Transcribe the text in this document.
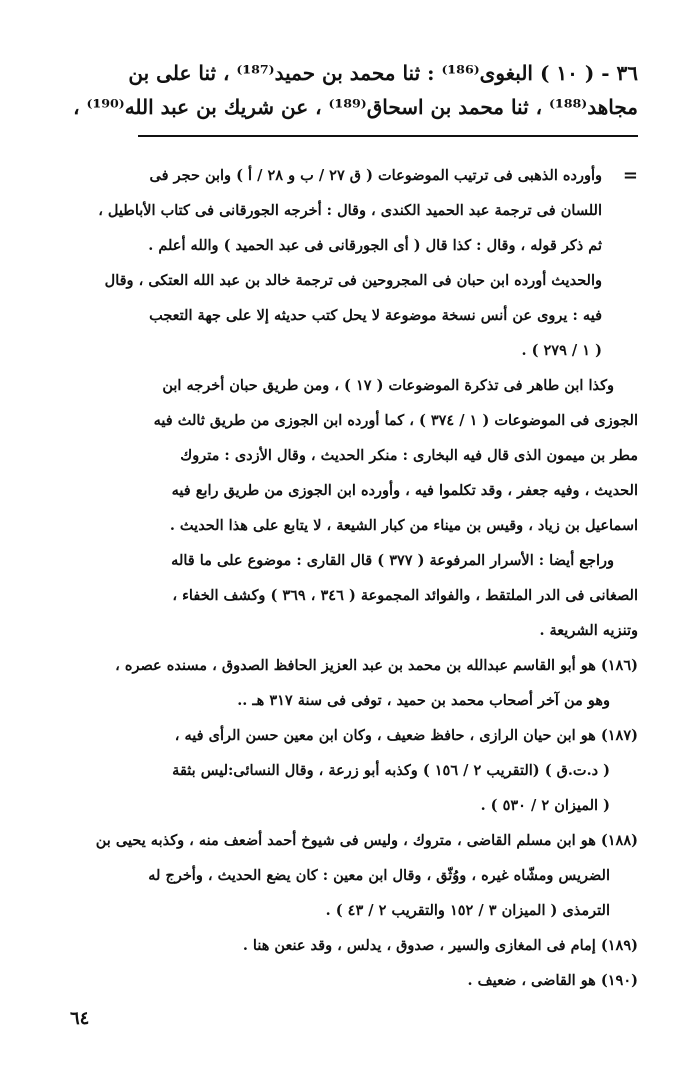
٣٦ - ( ١٠ ) البغوى⁽¹⁸⁶⁾ : ثنا محمد بن حميد⁽¹⁸⁷⁾ ، ثنا على بن

مجاهد⁽¹⁸⁸⁾ ، ثنا محمد بن اسحاق⁽¹⁸⁹⁾ ، عن شريك بن عبد الله⁽¹⁹⁰⁾ ،

=

وأورده الذهبى فى ترتيب الموضوعات ( ق ٢٧ / ب و ٢٨ / أ ) وابن حجر فى

اللسان فى ترجمة عبد الحميد الكندى ، وقال : أخرجه الجورقانى فى كتاب الأباطيل ،

ثم ذكر قوله ، وقال : كذا قال ( أى الجورقانى فى عبد الحميد ) والله أعلم .

والحديث أورده ابن حبان فى المجروحين فى ترجمة خالد بن عبد الله العتكى ، وقال

فيه : يروى عن أنس نسخة موضوعة لا يحل كتب حديثه إلا على جهة التعجب

( ١ / ٢٧٩ ) .

وكذا ابن طاهر فى تذكرة الموضوعات ( ١٧ ) ، ومن طريق حبان أخرجه ابن

الجوزى فى الموضوعات ( ١ / ٣٧٤ ) ، كما أورده ابن الجوزى من طريق ثالث فيه

مطر بن ميمون الذى قال فيه البخارى : منكر الحديث ، وقال الأزدى : متروك

الحديث ، وفيه جعفر ، وقد تكلموا فيه ، وأورده ابن الجوزى من طريق رابع فيه

اسماعيل بن زياد ، وقيس بن ميناء من كبار الشيعة ، لا يتابع على هذا الحديث .

وراجع أيضا : الأسرار المرفوعة ( ٣٧٧ ) قال القارى : موضوع على ما قاله

الصغانى فى الدر الملتقط ، والفوائد المجموعة ( ٣٤٦ ، ٣٦٩ ) وكشف الخفاء ،

وتنزيه الشريعة .

(١٨٦) هو أبو القاسم عبدالله بن محمد بن عبد العزيز الحافظ الصدوق ، مسنده عصره ،

وهو من آخر أصحاب محمد بن حميد ، توفى فى سنة ٣١٧ هـ ..

(١٨٧) هو ابن حيان الرازى ، حافظ ضعيف ، وكان ابن معين حسن الرأى فيه ،

( د.ت.ق ) (التقريب ٢ / ١٥٦ ) وكذبه أبو زرعة ، وقال النسائى:ليس بثقة

( الميزان ٢ / ٥٣٠ ) .

(١٨٨) هو ابن مسلم القاضى ، متروك ، وليس فى شيوخ أحمد أضعف منه ، وكذبه يحيى بن

الضريس ومشّاه غيره ، ووُثّق ، وقال ابن معين : كان يضع الحديث ، وأخرج له

الترمذى ( الميزان ٣ / ١٥٢ والتقريب ٢ / ٤٣ ) .

(١٨٩) إمام فى المغازى والسير ، صدوق ، يدلس ، وقد عنعن هنا .

(١٩٠) هو القاضى ، ضعيف .

٦٤
